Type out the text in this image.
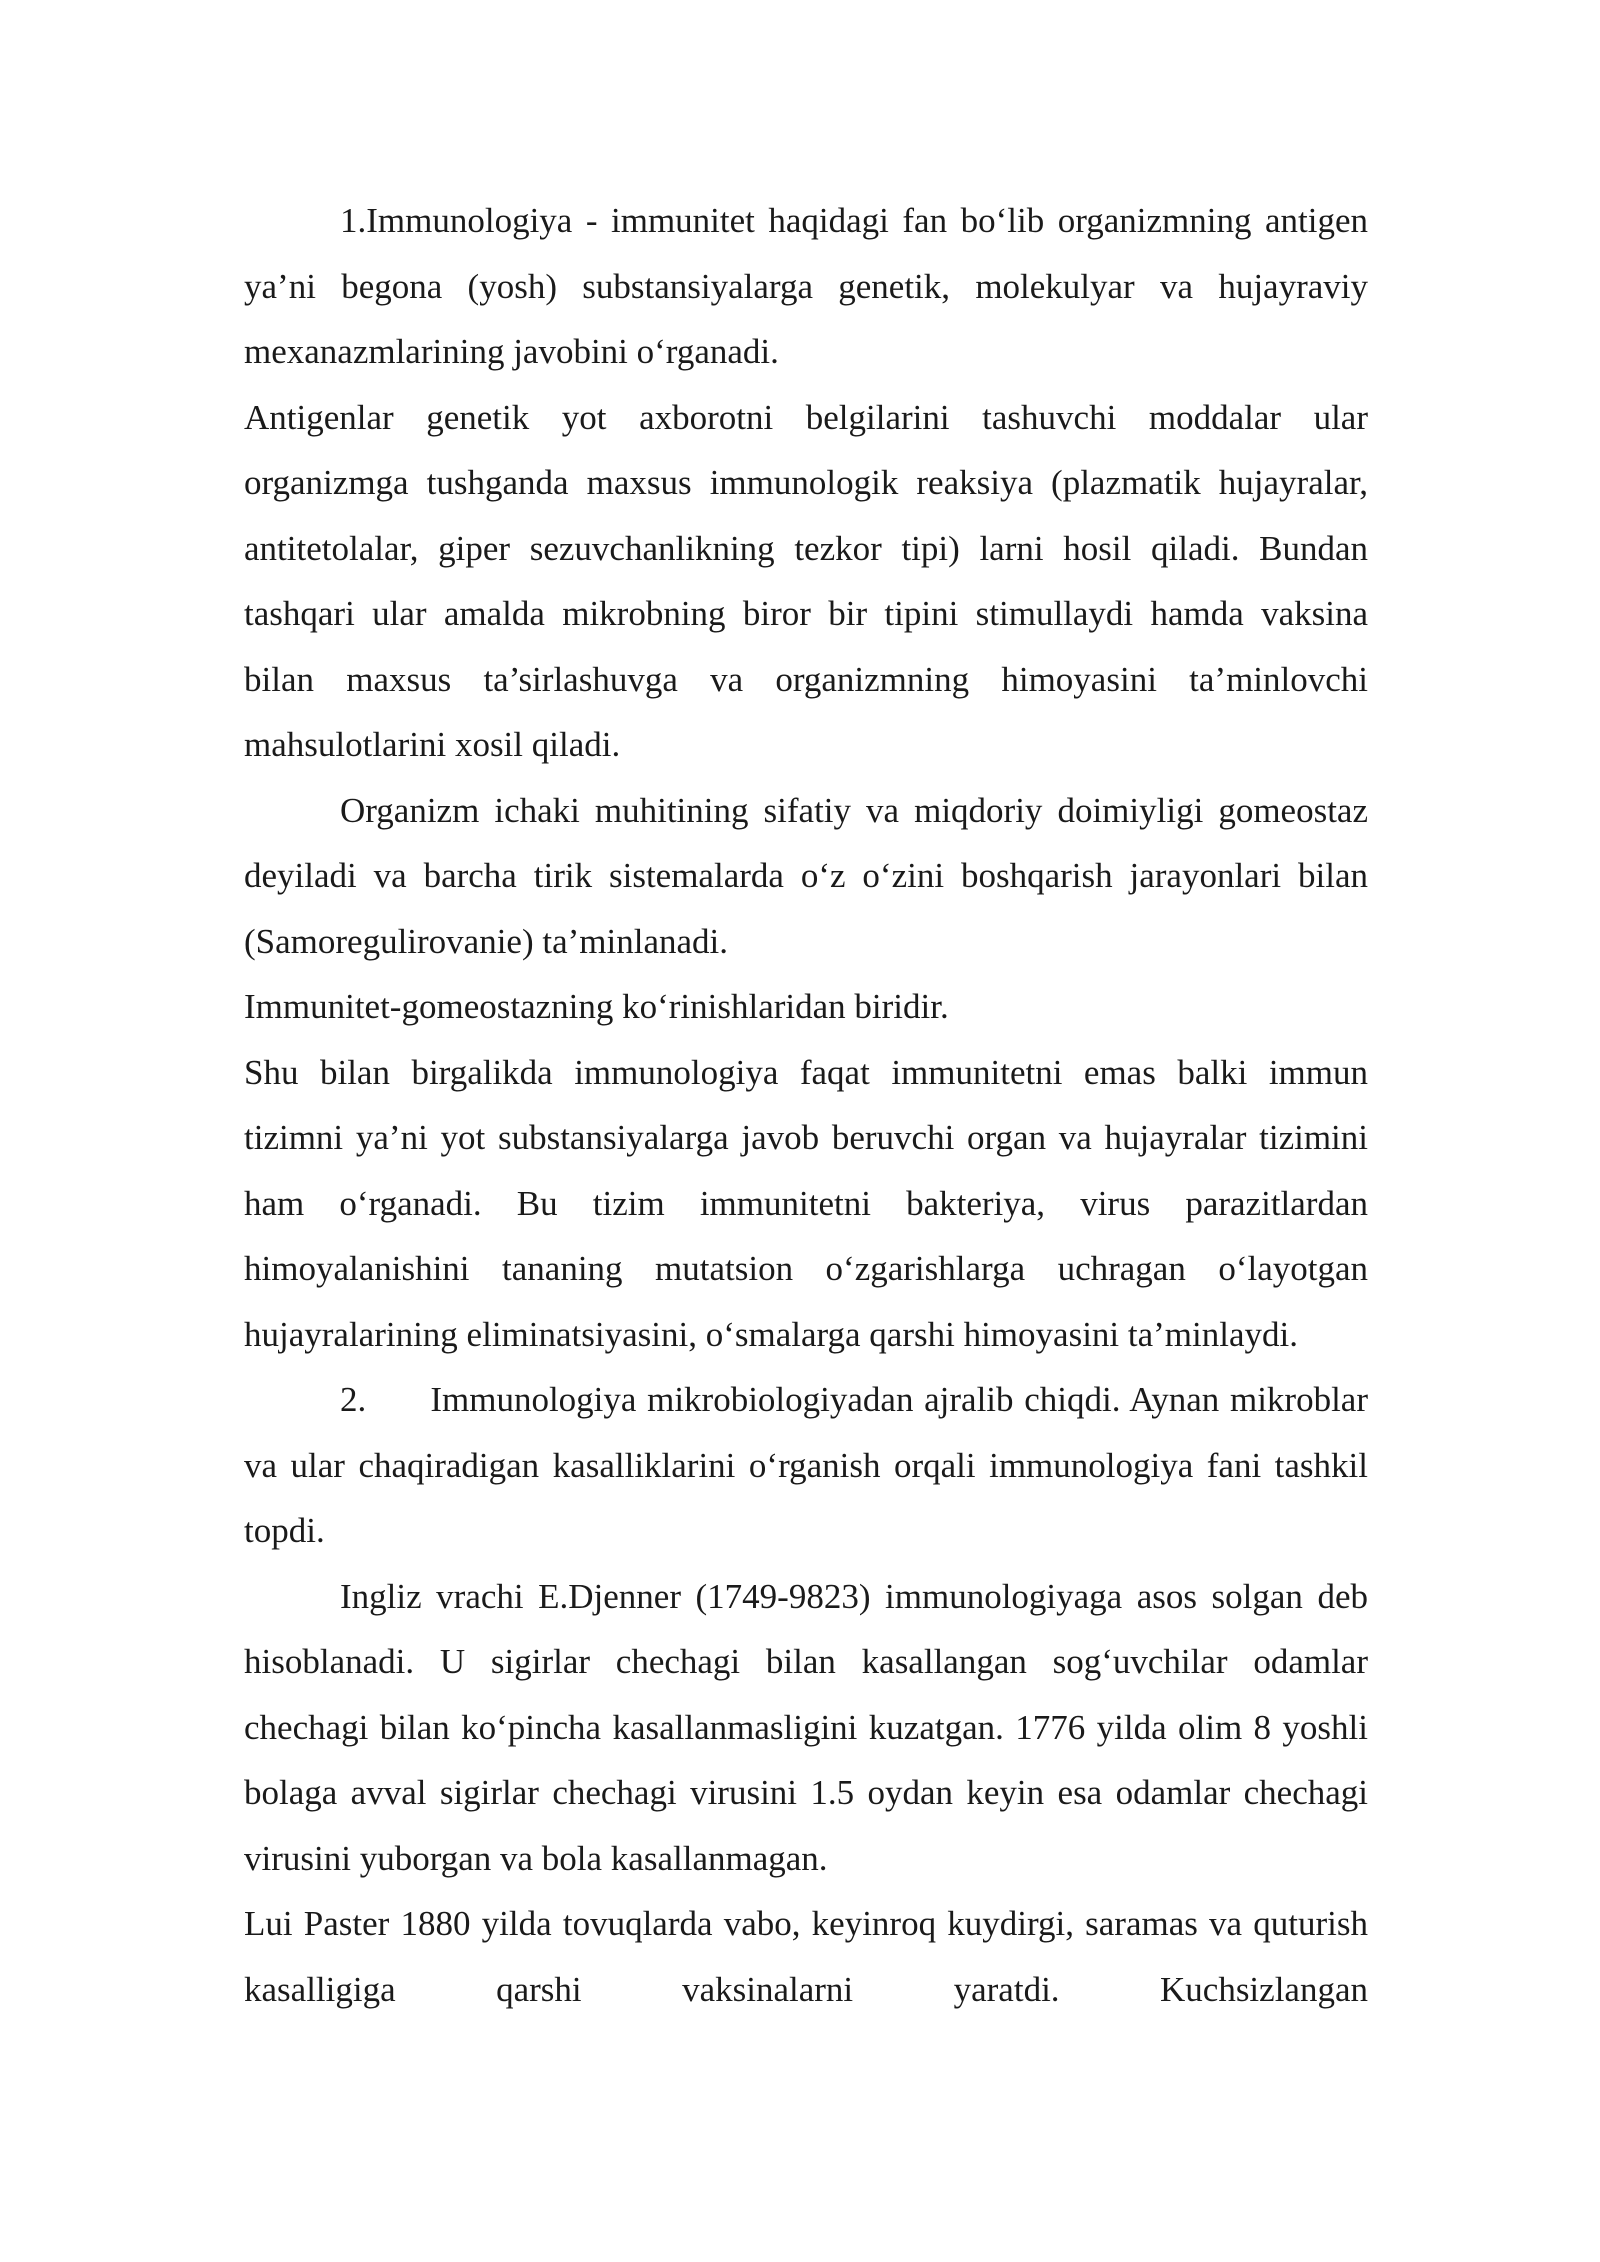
1.Immunologiya - immunitet haqidagi fan bo‘lib organizmning antigen ya’ni begona (yosh) substansiyalarga genetik, molekulyar va hujayraviy mexanazmlarining javobini o‘rganadi.

Antigenlar genetik yot axborotni belgilarini tashuvchi moddalar ular organizmga tushganda maxsus immunologik reaksiya (plazmatik hujayralar, antitetolalar, giper sezuvchanlikning tezkor tipi) larni hosil qiladi. Bundan tashqari ular amalda mikrobning biror bir tipini stimullaydi hamda vaksina bilan maxsus ta’sirlashuvga va organizmning himoyasini ta’minlovchi mahsulotlarini xosil qiladi.

Organizm ichaki muhitining sifatiy va miqdoriy doimiyligi gomeostaz deyiladi va barcha tirik sistemalarda o‘z o‘zini boshqarish jarayonlari bilan (Samoregulirovanie) ta’minlanadi.

Immunitet-gomeostazning ko‘rinishlaridan biridir.

Shu bilan birgalikda immunologiya faqat immunitetni emas balki immun tizimni ya’ni yot substansiyalarga javob beruvchi organ va hujayralar tizimini ham o‘rganadi. Bu tizim immunitetni bakteriya, virus parazitlardan himoyalanishini tananing mutatsion o‘zgarishlarga uchragan o‘layotgan hujayralarining eliminatsiyasini, o‘smalarga qarshi himoyasini ta’minlaydi.

2.      Immunologiya mikrobiologiyadan ajralib chiqdi. Aynan mikroblar va ular chaqiradigan kasalliklarini o‘rganish orqali immunologiya fani tashkil topdi.

Ingliz vrachi E.Djenner (1749-9823) immunologiyaga asos solgan deb hisoblanadi. U sigirlar chechagi bilan kasallangan sog‘uvchilar odamlar chechagi bilan ko‘pincha kasallanmasligini kuzatgan. 1776 yilda olim 8 yoshli bolaga avval sigirlar chechagi virusini 1.5 oydan keyin esa odamlar chechagi virusini yuborgan va bola kasallanmagan.

Lui Paster 1880 yilda tovuqlarda vabo, keyinroq kuydirgi, saramas va quturish kasalligiga qarshi vaksinalarni yaratdi. Kuchsizlangan
